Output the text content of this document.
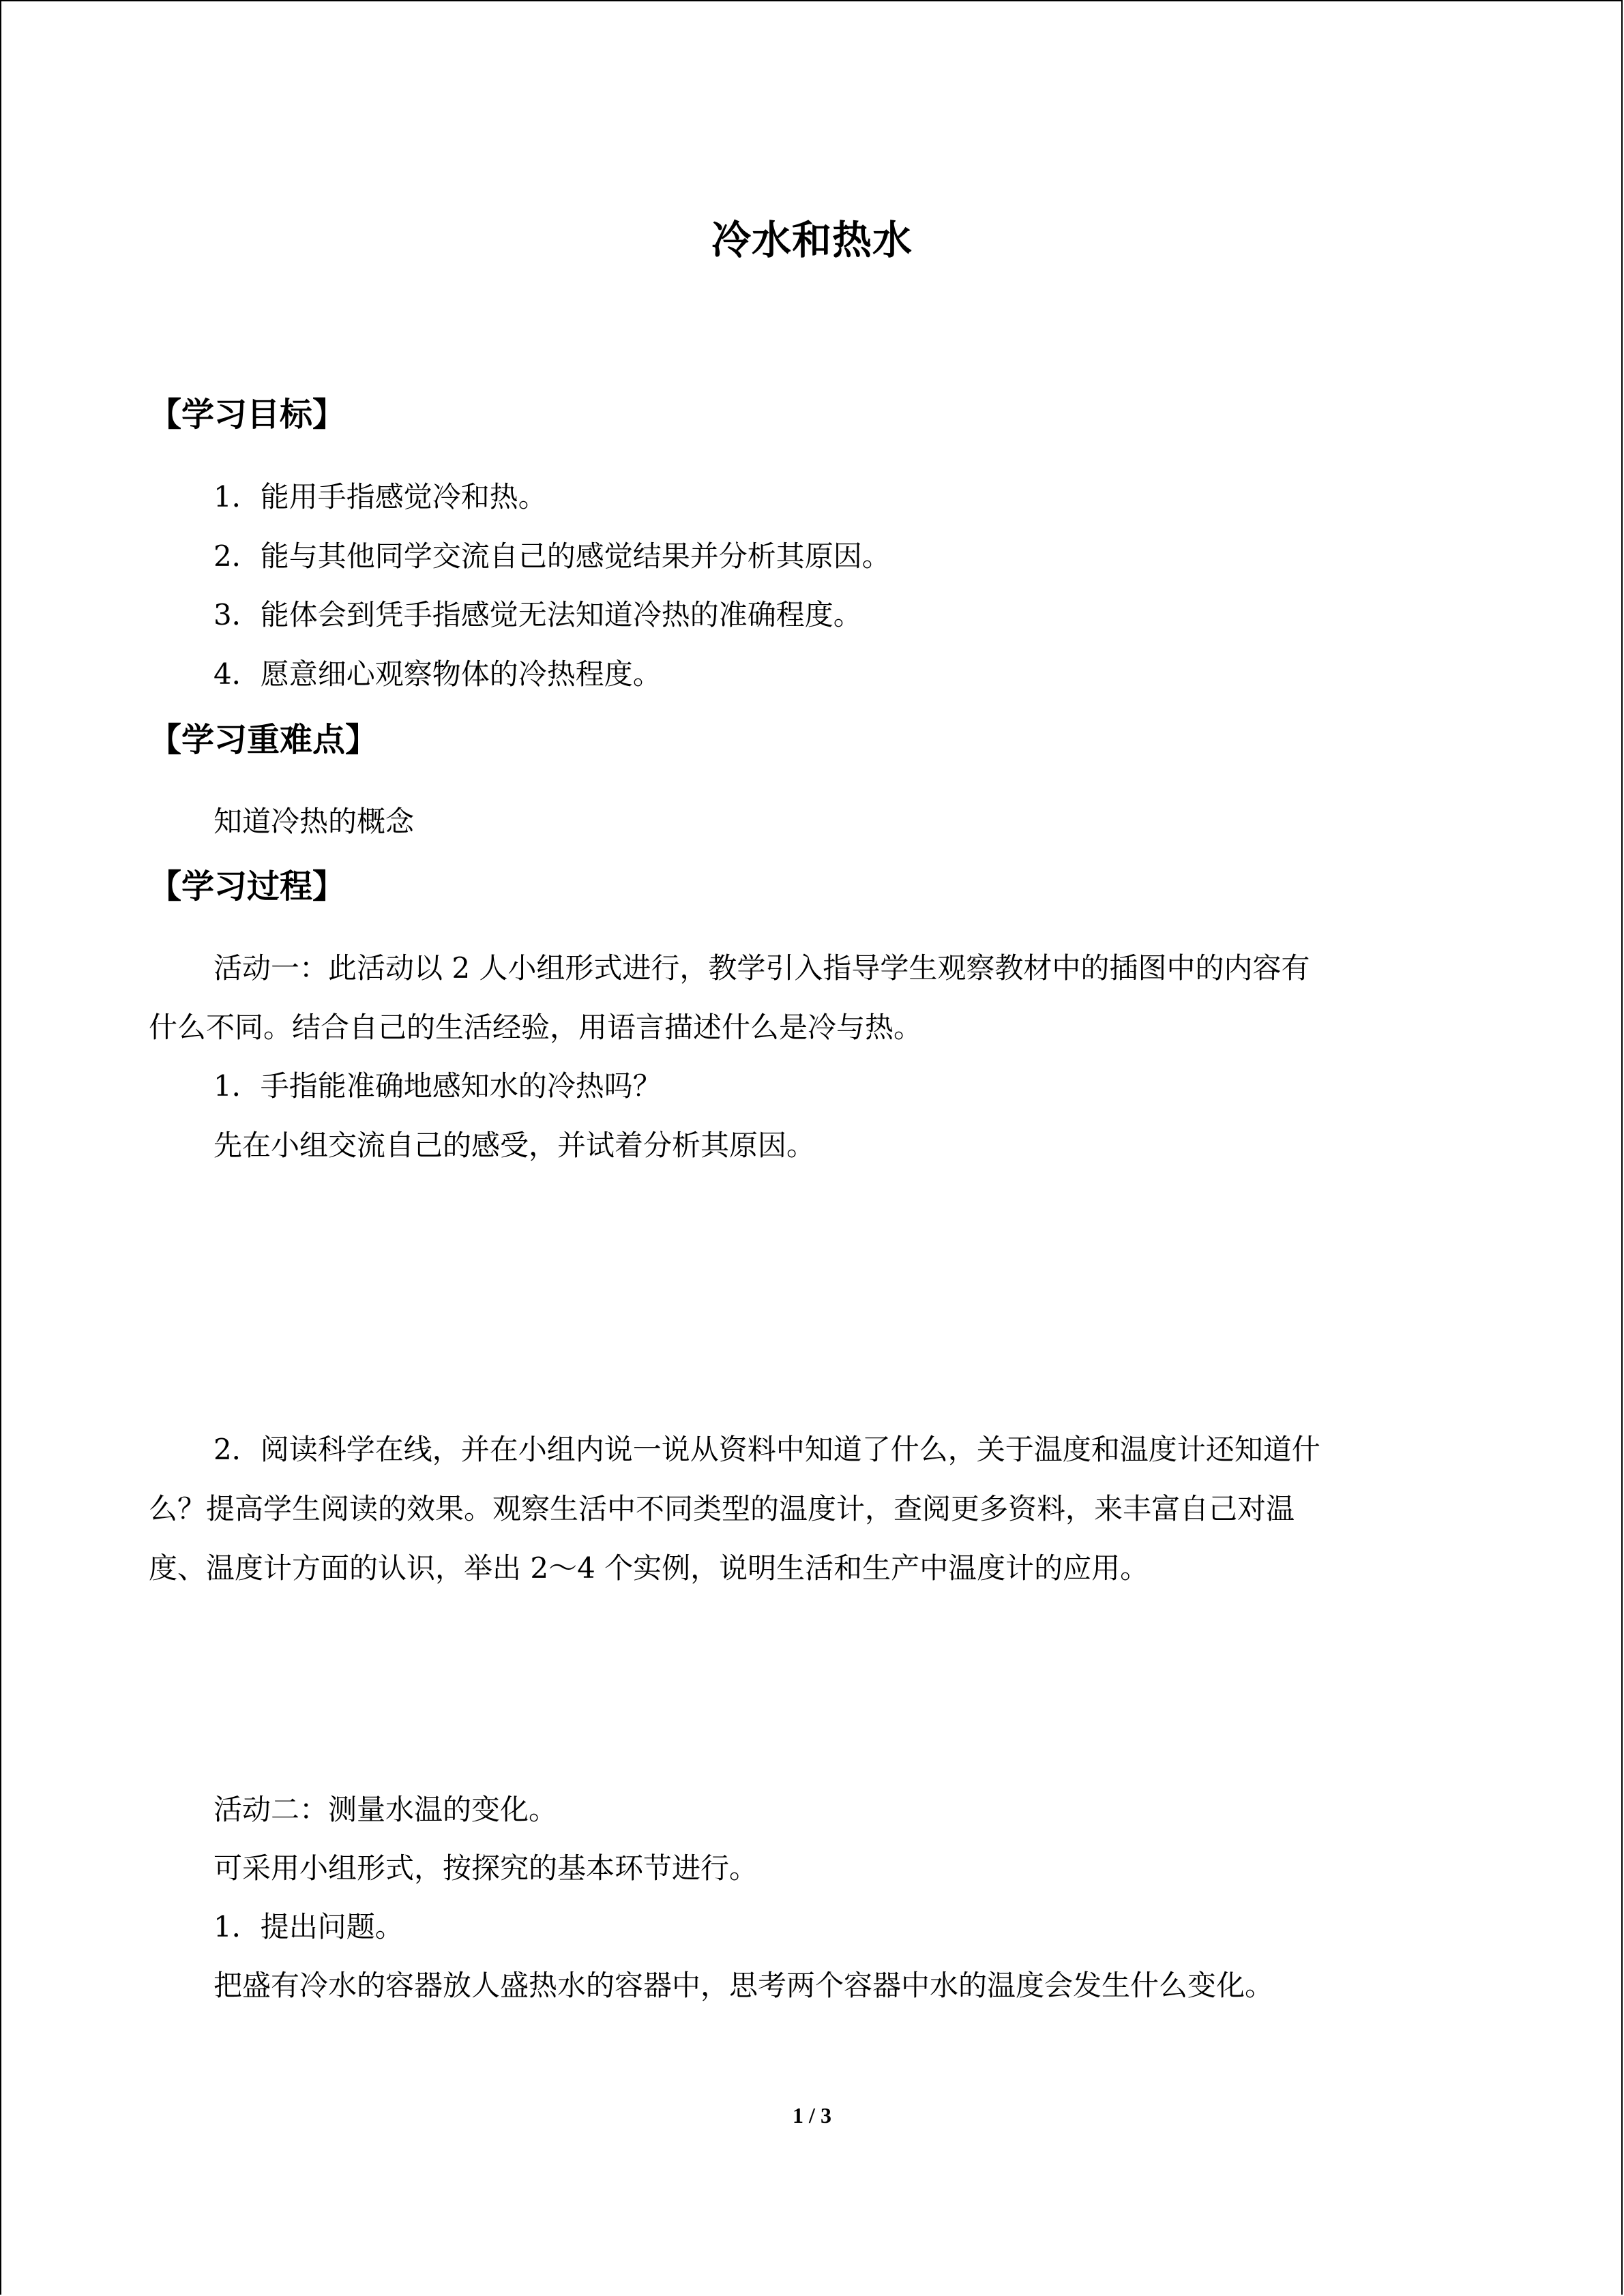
冷水和热水
【学习目标】
1．能用手指感觉冷和热。
2．能与其他同学交流自己的感觉结果并分析其原因。
3．能体会到凭手指感觉无法知道冷热的准确程度。
4．愿意细心观察物体的冷热程度。
【学习重难点】
知道冷热的概念
【学习过程】
活动一：此活动以 2 人小组形式进行，教学引入指导学生观察教材中的插图中的内容有
什么不同。结合自己的生活经验，用语言描述什么是冷与热。
1．手指能准确地感知水的冷热吗？
先在小组交流自己的感受，并试着分析其原因。
2．阅读科学在线，并在小组内说一说从资料中知道了什么，关于温度和温度计还知道什
么？提高学生阅读的效果。观察生活中不同类型的温度计，查阅更多资料，来丰富自己对温
度、温度计方面的认识，举出 2～4 个实例，说明生活和生产中温度计的应用。
活动二：测量水温的变化。
可采用小组形式，按探究的基本环节进行。
1．提出问题。
把盛有冷水的容器放人盛热水的容器中，思考两个容器中水的温度会发生什么变化。
1 / 3
